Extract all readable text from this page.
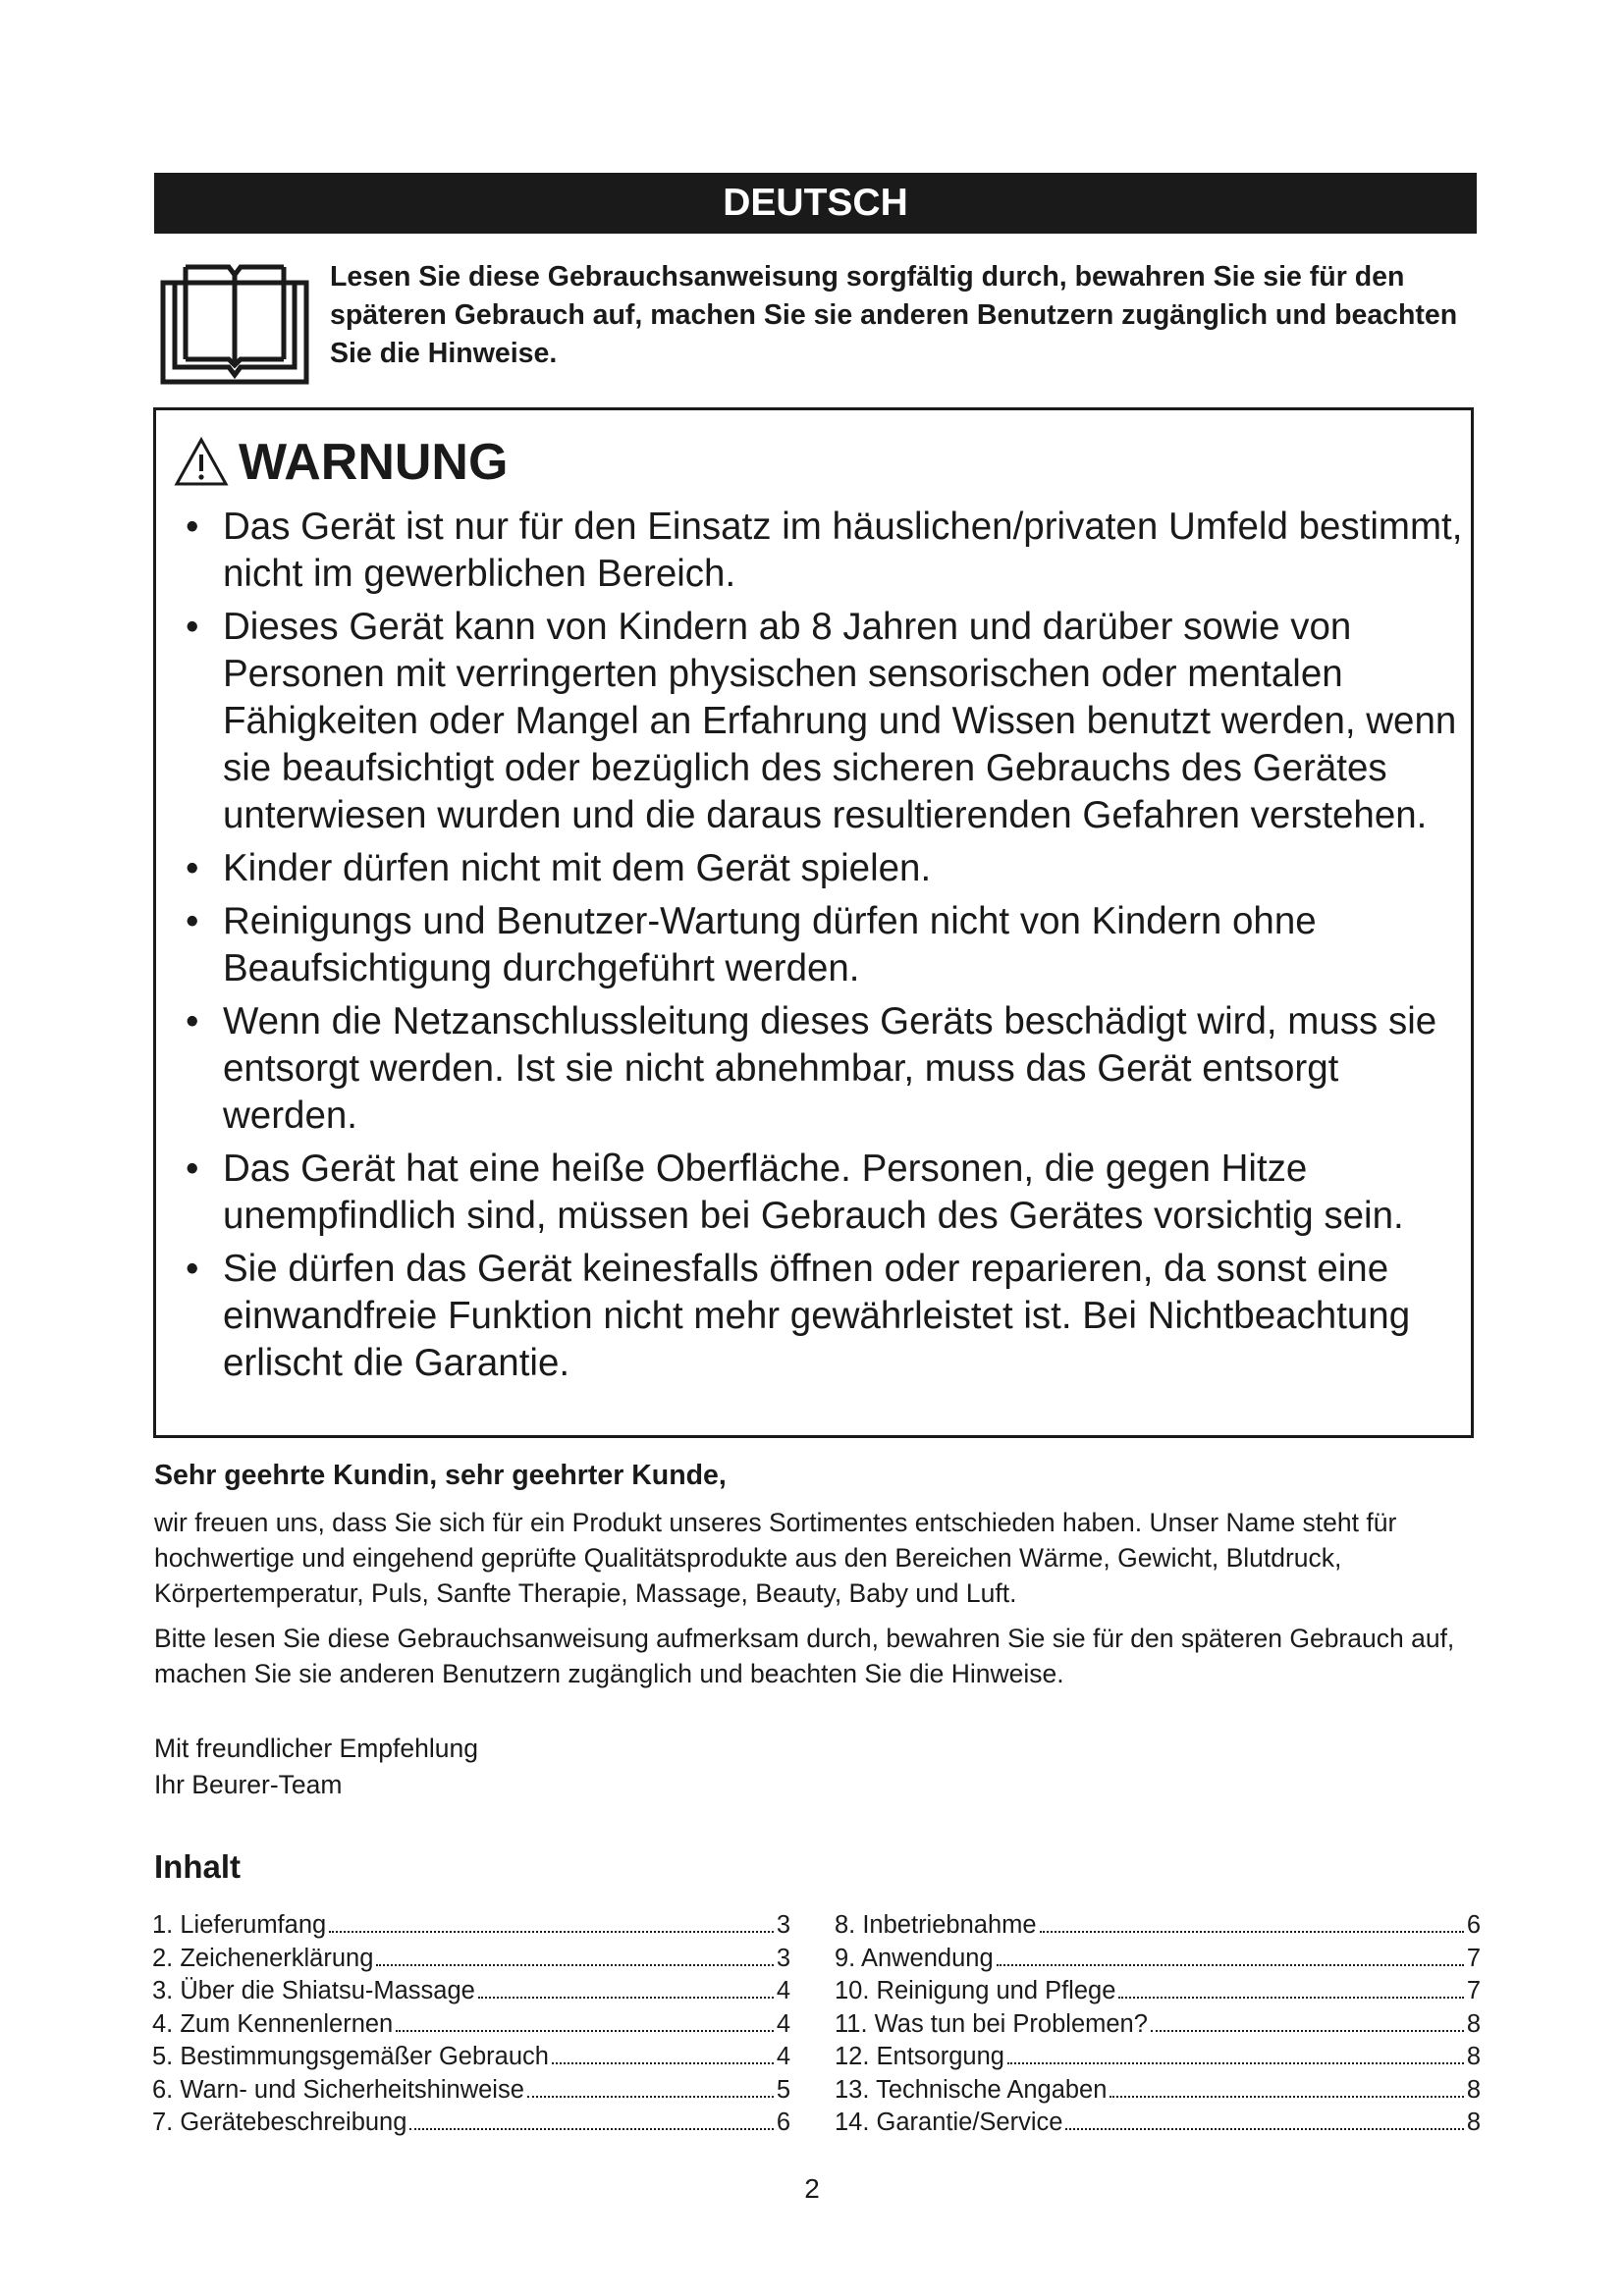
DEUTSCH

Lesen Sie diese Gebrauchsanweisung sorgfältig durch, bewahren Sie sie für den späteren Gebrauch auf, machen Sie sie anderen Benutzern zugänglich und beachten Sie die Hinweise.

WARNUNG
• Das Gerät ist nur für den Einsatz im häuslichen/privaten Umfeld bestimmt, nicht im gewerblichen Bereich.
• Dieses Gerät kann von Kindern ab 8 Jahren und darüber sowie von Personen mit verringerten physischen sensorischen oder mentalen Fähigkeiten oder Mangel an Erfahrung und Wissen benutzt werden, wenn sie beaufsichtigt oder bezüglich des sicheren Gebrauchs des Gerätes unterwiesen wurden und die daraus resultierenden Gefahren verstehen.
• Kinder dürfen nicht mit dem Gerät spielen.
• Reinigungs und Benutzer-Wartung dürfen nicht von Kindern ohne Beaufsichtigung durchgeführt werden.
• Wenn die Netzanschlussleitung dieses Geräts beschädigt wird, muss sie entsorgt werden. Ist sie nicht abnehmbar, muss das Gerät entsorgt werden.
• Das Gerät hat eine heiße Oberfläche. Personen, die gegen Hitze unempfindlich sind, müssen bei Gebrauch des Gerätes vorsichtig sein.
• Sie dürfen das Gerät keinesfalls öffnen oder reparieren, da sonst eine einwandfreie Funktion nicht mehr gewährleistet ist. Bei Nichtbeachtung erlischt die Garantie.

Sehr geehrte Kundin, sehr geehrter Kunde,

wir freuen uns, dass Sie sich für ein Produkt unseres Sortimentes entschieden haben. Unser Name steht für hochwertige und eingehend geprüfte Qualitätsprodukte aus den Bereichen Wärme, Gewicht, Blutdruck, Körpertemperatur, Puls, Sanfte Therapie, Massage, Beauty, Baby und Luft.

Bitte lesen Sie diese Gebrauchsanweisung aufmerksam durch, bewahren Sie sie für den späteren Gebrauch auf, machen Sie sie anderen Benutzern zugänglich und beachten Sie die Hinweise.

Mit freundlicher Empfehlung
Ihr Beurer-Team
Inhalt
1. Lieferumfang	3
2. Zeichenerklärung	3
3. Über die Shiatsu-Massage	4
4. Zum Kennenlernen	4
5. Bestimmungsgemäßer Gebrauch	4
6. Warn- und Sicherheitshinweise	5
7. Gerätebeschreibung	6
8. Inbetriebnahme	6
9. Anwendung	7
10. Reinigung und Pflege	7
11. Was tun bei Problemen?	8
12. Entsorgung	8
13. Technische Angaben	8
14. Garantie/Service	8

2
